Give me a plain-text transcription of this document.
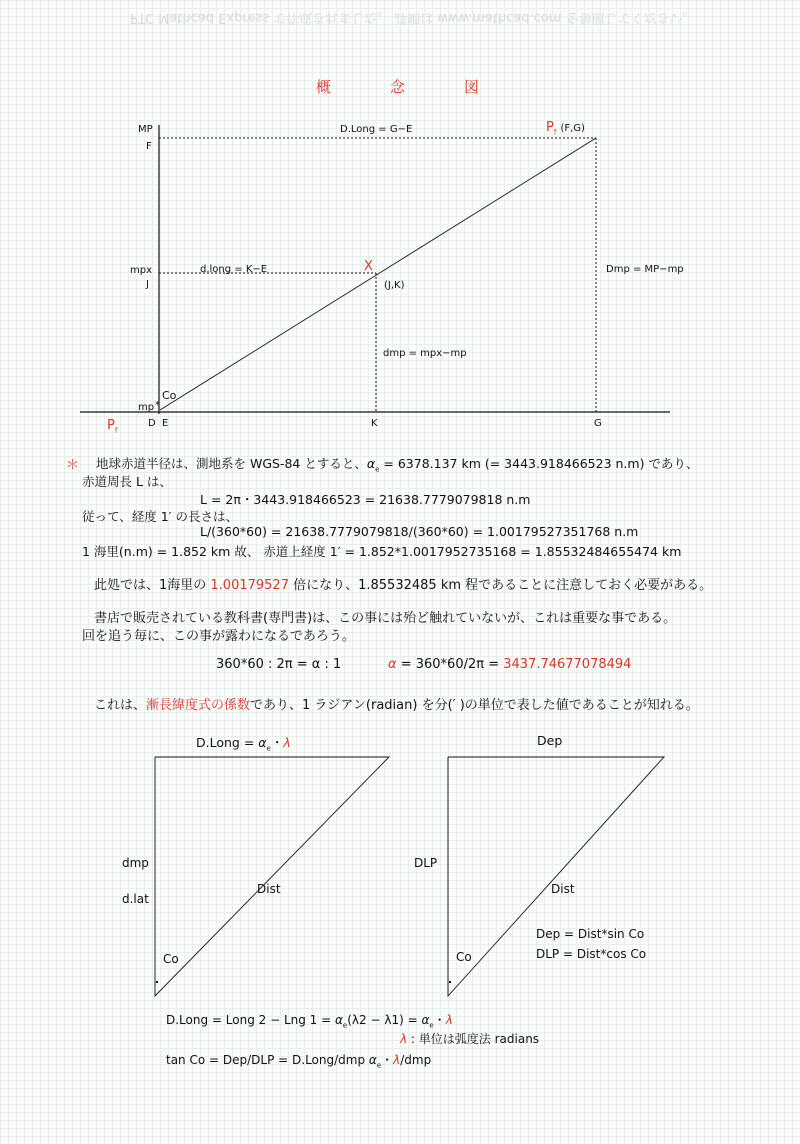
PTC Mathcad Express で作成されました。 詳細は www.mathcad.com を参照してください。
概　念　図
MP
F
mpx
J
mp
D E	K	G
D.Long = G−E	$P_f$ (F,G)
d.long = K−E	X
(J,K)
Dmp = MP−mp
dmp = mpx−mp
Co
*
$P_f$
＊ 地球赤道半径は、測地系を WGS-84 とすると、$\alpha_e = 6378.137$ km (= 3443.918466523 n.m) であり、
赤道周長 L は、
L = 2π・3443.918466523 = 21638.7779079818 n.m
従って、経度 1′ の長さは、
L/(360*60) = 21638.7779079818/(360*60) = 1.00179527351768 n.m
1 海里(n.m) = 1.852 km 故、 赤道上経度 1′ = 1.852*1.0017952735168 = 1.85532484655474 km
此処では、1海里の 1.00179527 倍になり、1.85532485 km 程であることに注意しておく必要がある。
書店で販売されている教科書(専門書)は、この事には殆ど触れていないが、これは重要な事である。
回を追う毎に、この事が露わになるであろう。
360*60 : 2π = α : 1	α = 360*60/2π = 3437.74677078494
これは、漸長緯度式の係数であり、1 ラジアン(radian) を分(′ )の単位で表した値であることが知れる。
D.Long = $\alpha_e$・λ
dmp
d.lat
Dist
Co
Dep
DLP
Dist
Co
Dep = Dist*sin Co
DLP = Dist*cos Co
D.Long = Long 2 − Lng $1 = \alpha_e(\lambda 2 - \lambda 1) = \alpha_e$・λ
λ : 単位は弧度法 radians
tan Co = Dep/DLP = D.Long/dmp $\alpha_e$・λ/dmp
